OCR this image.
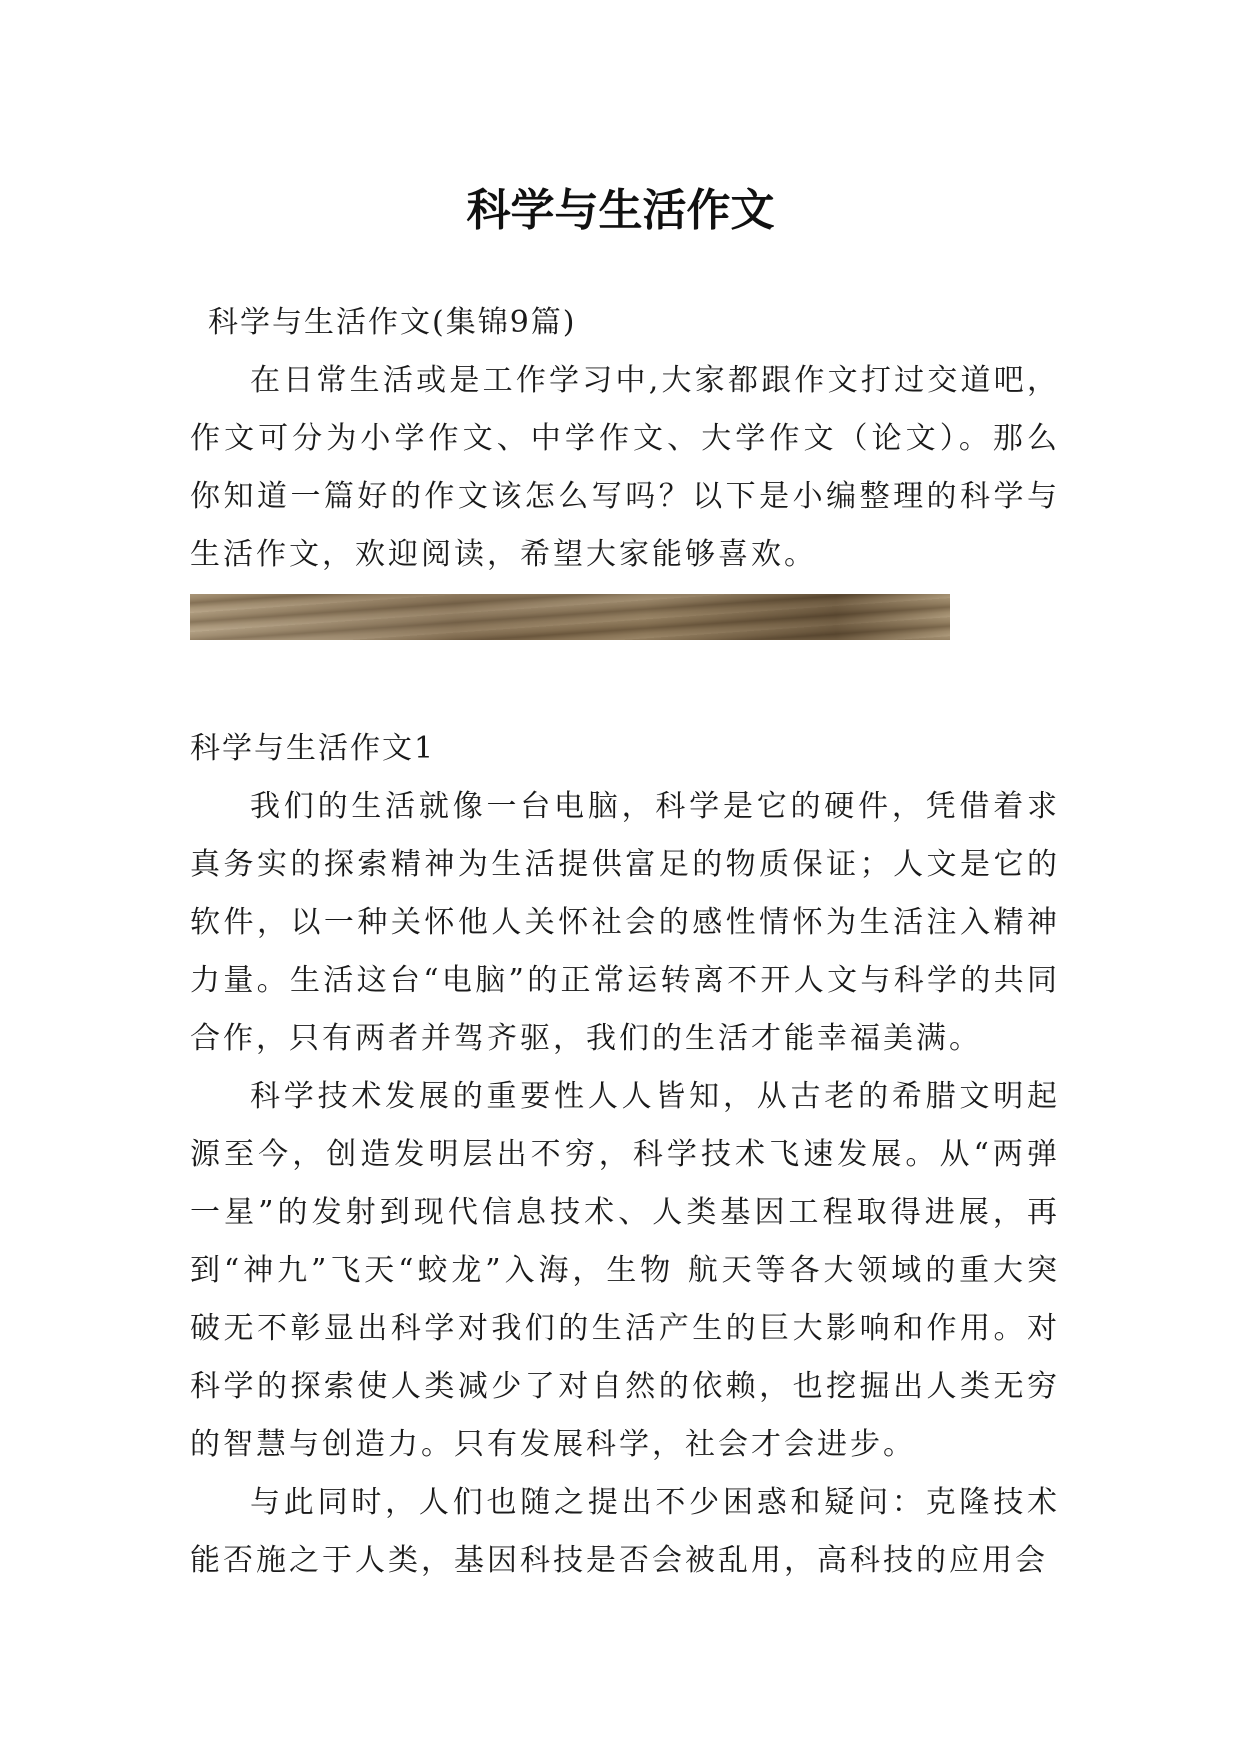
科学与生活作文

科学与生活作文(集锦9篇)

在日常生活或是工作学习中,大家都跟作文打过交道吧，作文可分为小学作文、中学作文、大学作文（论文）。那么你知道一篇好的作文该怎么写吗？以下是小编整理的科学与生活作文，欢迎阅读，希望大家能够喜欢。

科学与生活作文1

我们的生活就像一台电脑，科学是它的硬件，凭借着求真务实的探索精神为生活提供富足的物质保证；人文是它的软件，以一种关怀他人关怀社会的感性情怀为生活注入精神力量。生活这台“电脑”的正常运转离不开人文与科学的共同合作，只有两者并驾齐驱，我们的生活才能幸福美满。

科学技术发展的重要性人人皆知，从古老的希腊文明起源至今，创造发明层出不穷，科学技术飞速发展。从“两弹一星”的发射到现代信息技术、人类基因工程取得进展，再到“神九”飞天“蛟龙”入海，生物 航天等各大领域的重大突破无不彰显出科学对我们的生活产生的巨大影响和作用。对科学的探索使人类减少了对自然的依赖，也挖掘出人类无穷的智慧与创造力。只有发展科学，社会才会进步。

与此同时，人们也随之提出不少困惑和疑问：克隆技术能否施之于人类，基因科技是否会被乱用，高科技的应用会
